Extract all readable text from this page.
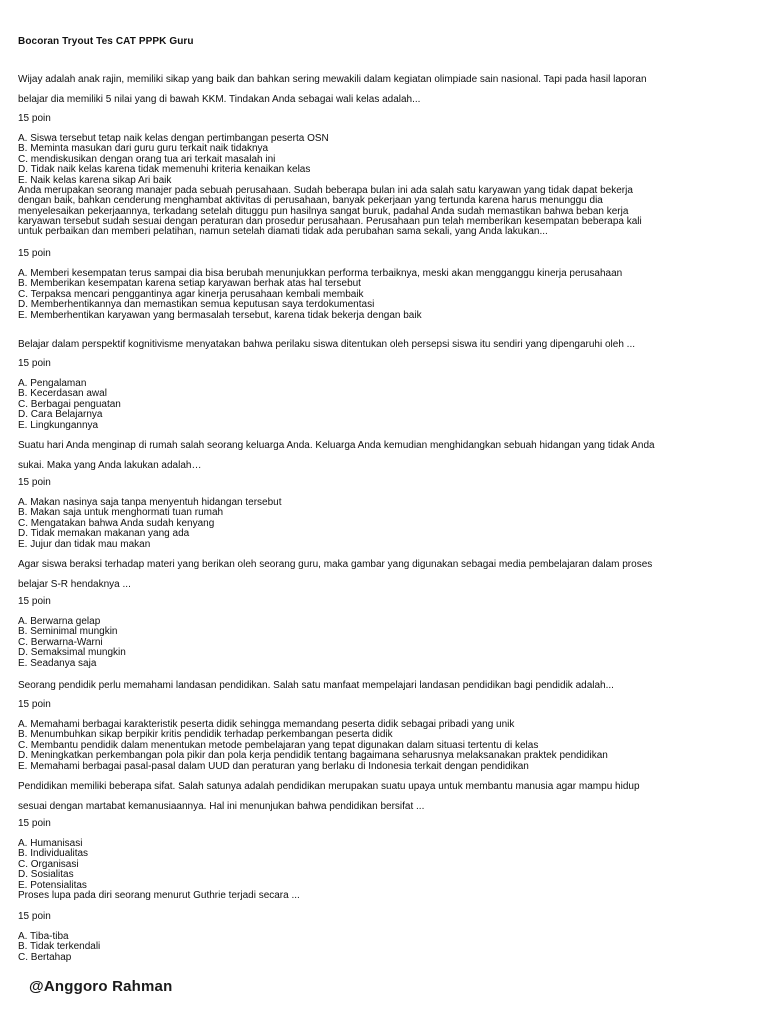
Bocoran Tryout Tes CAT PPPK Guru

Wijay adalah anak rajin, memiliki sikap yang baik dan bahkan sering mewakili dalam kegiatan olimpiade sain nasional. Tapi pada hasil laporan
belajar dia memiliki 5 nilai yang di bawah KKM. Tindakan Anda sebagai wali kelas adalah...

15 poin

A. Siswa tersebut tetap naik kelas dengan pertimbangan peserta OSN
B. Meminta masukan dari guru guru terkait naik tidaknya
C. mendiskusikan dengan orang tua ari terkait masalah ini
D. Tidak naik kelas karena tidak memenuhi kriteria kenaikan kelas
E. Naik kelas karena sikap Ari baik

Anda merupakan seorang manajer pada sebuah perusahaan. Sudah beberapa bulan ini ada salah satu karyawan yang tidak dapat bekerja
dengan baik, bahkan cenderung menghambat aktivitas di perusahaan, banyak pekerjaan yang tertunda karena harus menunggu dia
menyelesaikan pekerjaannya, terkadang setelah dituggu pun hasilnya sangat buruk, padahal Anda sudah memastikan bahwa beban kerja
karyawan tersebut sudah sesuai dengan peraturan dan prosedur perusahaan. Perusahaan pun telah memberikan kesempatan beberapa kali
untuk perbaikan dan memberi pelatihan, namun setelah diamati tidak ada perubahan sama sekali, yang Anda lakukan...

15 poin

A. Memberi kesempatan terus sampai dia bisa berubah menunjukkan performa terbaiknya, meski akan mengganggu kinerja perusahaan
B. Memberikan kesempatan karena setiap karyawan berhak atas hal tersebut
C. Terpaksa mencari penggantinya agar kinerja perusahaan kembali membaik
D. Memberhentikannya dan memastikan semua keputusan saya terdokumentasi
E. Memberhentikan karyawan yang bermasalah tersebut, karena tidak bekerja dengan baik

Belajar dalam perspektif kognitivisme menyatakan bahwa perilaku siswa ditentukan oleh persepsi siswa itu sendiri yang dipengaruhi oleh ...

15 poin

A. Pengalaman
B. Kecerdasan awal
C. Berbagai penguatan
D. Cara Belajarnya
E. Lingkungannya

Suatu hari Anda menginap di rumah salah seorang keluarga Anda. Keluarga Anda kemudian menghidangkan sebuah hidangan yang tidak Anda
sukai. Maka yang Anda lakukan adalah…

15 poin

A. Makan nasinya saja tanpa menyentuh hidangan tersebut
B. Makan saja untuk menghormati tuan rumah
C. Mengatakan bahwa Anda sudah kenyang
D. Tidak memakan makanan yang ada
E. Jujur dan tidak mau makan

Agar siswa beraksi terhadap materi yang berikan oleh seorang guru, maka gambar yang digunakan sebagai media pembelajaran dalam proses
belajar S-R hendaknya ...

15 poin

A. Berwarna gelap
B. Seminimal mungkin
C. Berwarna-Warni
D. Semaksimal mungkin
E. Seadanya saja

Seorang pendidik perlu memahami landasan pendidikan. Salah satu manfaat mempelajari landasan pendidikan bagi pendidik adalah...

15 poin

A. Memahami berbagai karakteristik peserta didik sehingga memandang peserta didik sebagai pribadi yang unik
B. Menumbuhkan sikap berpikir kritis pendidik terhadap perkembangan peserta didik
C. Membantu pendidik dalam menentukan metode pembelajaran yang tepat digunakan dalam situasi tertentu di kelas
D. Meningkatkan perkembangan pola pikir dan pola kerja pendidik tentang bagaimana seharusnya melaksanakan praktek pendidikan
E. Memahami berbagai pasal-pasal dalam UUD dan peraturan yang berlaku di Indonesia terkait dengan pendidikan

Pendidikan memiliki beberapa sifat. Salah satunya adalah pendidikan merupakan suatu upaya untuk membantu manusia agar mampu hidup
sesuai dengan martabat kemanusiaannya. Hal ini menunjukan bahwa pendidikan bersifat ...

15 poin

A. Humanisasi
B. Individualitas
C. Organisasi
D. Sosialitas
E. Potensialitas

Proses lupa pada diri seorang menurut Guthrie terjadi secara ...

15 poin

A. Tiba-tiba
B. Tidak terkendali
C. Bertahap

@Anggoro Rahman
